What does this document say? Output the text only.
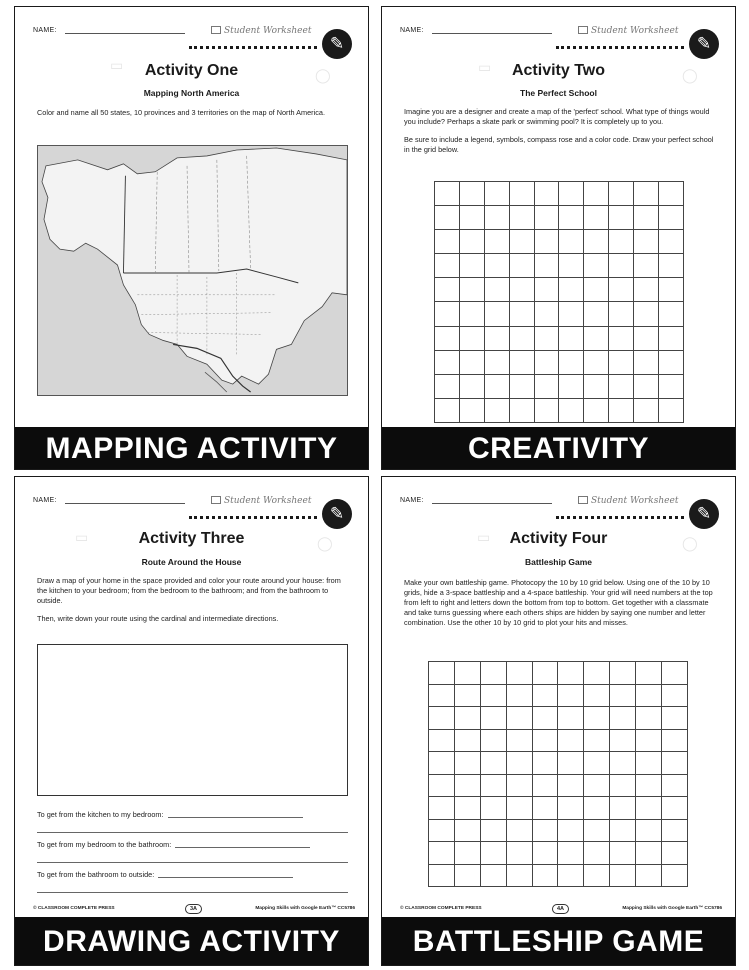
NAME:	Student Worksheet
✎
▭
◯
Activity One
Mapping North America

Color and name all 50 states, 10 provinces and 3 territories on the map of North America.

MAPPING ACTIVITY
NAME:	Student Worksheet
✎
▭	◯
Activity Two
The Perfect School

Imagine you are a designer and create a map of the 'perfect' school. What type of things would you include? Perhaps a skate park or swimming pool? It is completely up to you.

Be sure to include a legend, symbols, compass rose and a color code. Draw your perfect school in the grid below.

CREATIVITY
NAME:	Student Worksheet
✎
▭	◯
Activity Three
Route Around the House

Draw a map of your home in the space provided and color your route around your house: from the kitchen to your bedroom; from the bedroom to the bathroom; and from the bathroom to outside.

Then, write down your route using the cardinal and intermediate directions.

To get from the kitchen to my bedroom:
To get from my bedroom to the bathroom:
To get from the bathroom to outside:
© CLASSROOM COMPLETE PRESS	3A	Mapping Skills with Google Earth™ CC5786
DRAWING ACTIVITY
NAME:	Student Worksheet
✎
▭	◯
Activity Four
Battleship Game

Make your own battleship game. Photocopy the 10 by 10 grid below. Using one of the 10 by 10 grids, hide a 3-space battleship and a 4-space battleship. Your grid will need numbers at the top from left to right and letters down the bottom from top to bottom. Get together with a classmate and take turns guessing where each others ships are hidden by saying one number and letter combination. Use the other 10 by 10 grid to plot your hits and misses.

© CLASSROOM COMPLETE PRESS	4A	Mapping Skills with Google Earth™ CC5786
BATTLESHIP GAME
